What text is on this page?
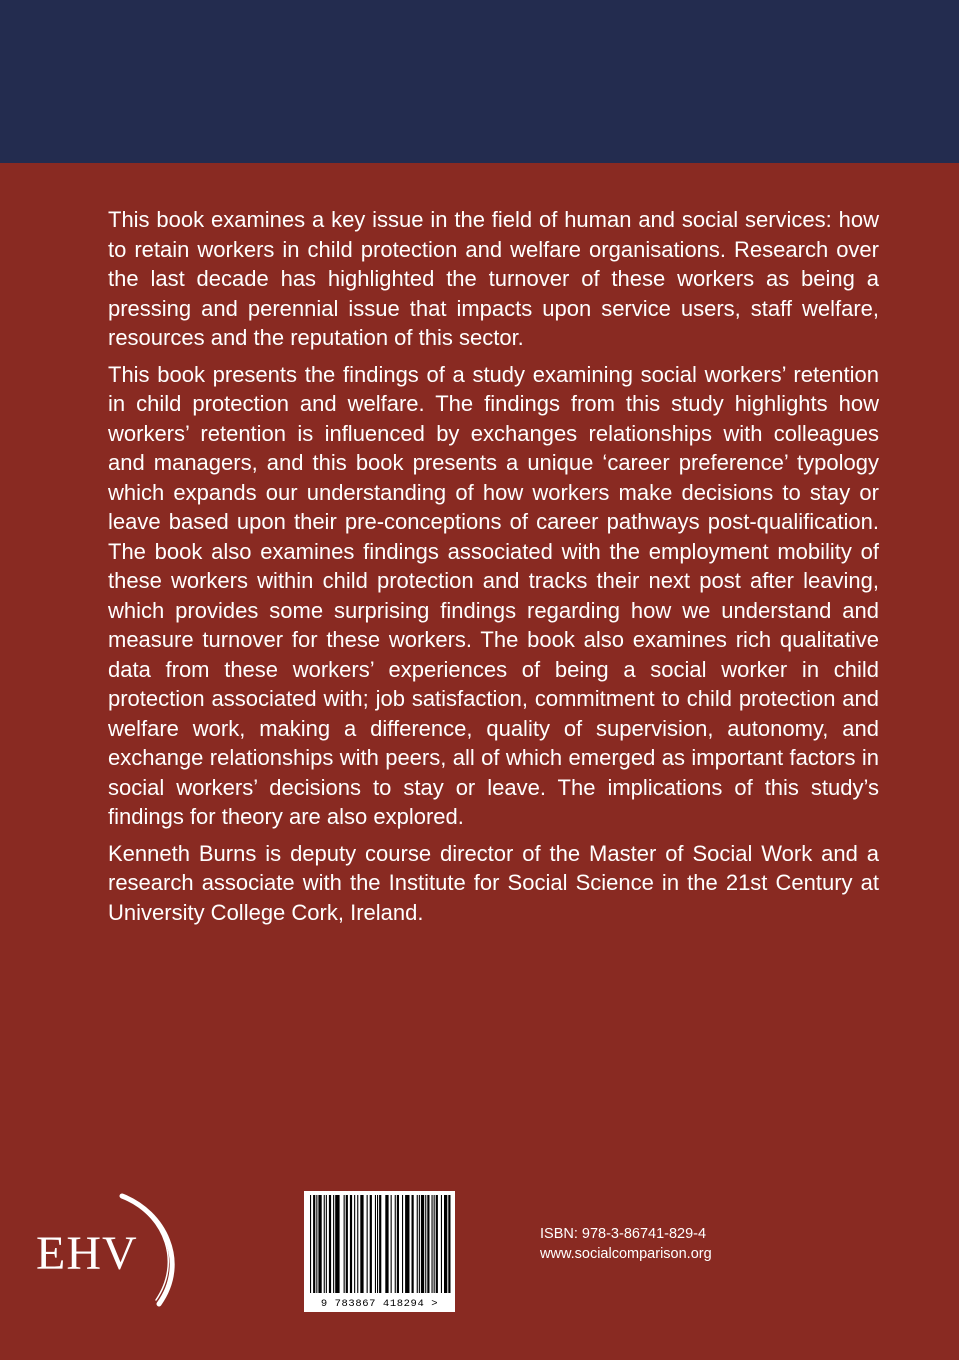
This book examines a key issue in the field of human and social services: how to retain workers in child protection and welfare organisations. Research over the last decade has highlighted the turnover of these workers as being a pressing and perennial issue that impacts upon service users, staff welfare, resources and the reputation of this sector.

This book presents the findings of a study examining social workers’ retention in child protection and welfare. The findings from this study highlights how workers’ retention is influenced by exchanges relationships with colleagues and managers, and this book presents a unique ‘career preference’ typology which expands our understanding of how workers make decisions to stay or leave based upon their pre-conceptions of career pathways post-qualification. The book also examines findings associated with the employment mobility of these workers within child protection and tracks their next post after leaving, which provides some surprising findings regarding how we understand and measure turnover for these workers. The book also examines rich qualitative data from these workers’ experiences of being a social worker in child protection associated with; job satisfaction, commitment to child protection and welfare work, making a difference, quality of supervision, autonomy, and exchange relationships with peers, all of which emerged as important factors in social workers’ decisions to stay or leave. The implications of this study’s findings for theory are also explored.

Kenneth Burns is deputy course director of the Master of Social Work and a research associate with the Institute for Social Science in the 21st Century at University College Cork, Ireland.

EHV
9 783867 418294 >
ISBN: 978-3-86741-829-4
www.socialcomparison.org
